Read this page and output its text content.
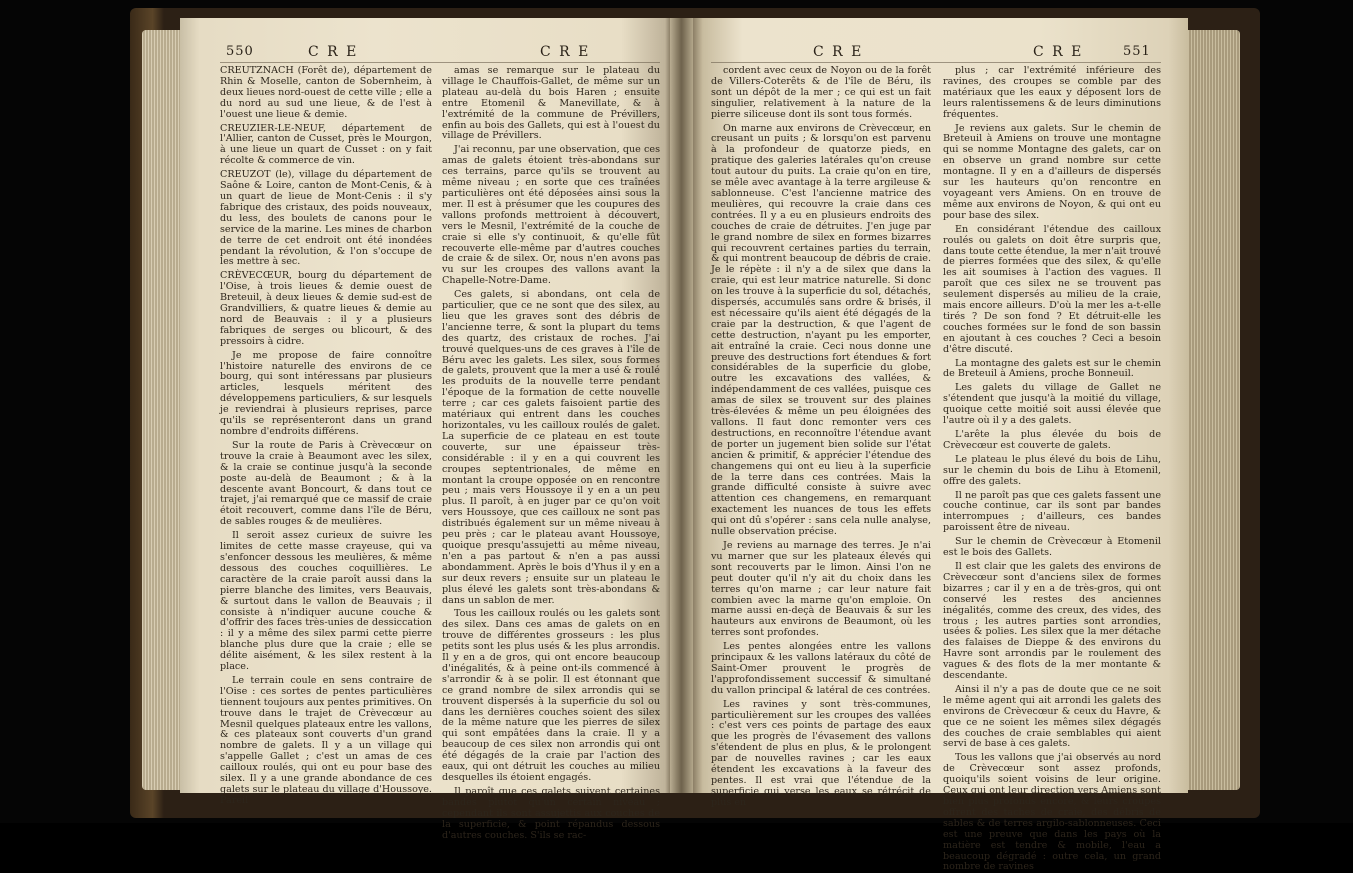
550	C R E	C R E

CREUTZNACH (Forêt de), département de Rhin & Moselle, canton de Sobernheim, à deux lieues nord-ouest de cette ville ; elle a du nord au sud une lieue, & de l'est à l'ouest une lieue & demie.

CREUZIER-LE-NEUF, département de l'Allier, canton de Cusset, près le Mourgon, à une lieue un quart de Cusset : on y fait récolte & commerce de vin.

CREUZOT (le), village du département de Saône & Loire, canton de Mont-Cenis, & à un quart de lieue de Mont-Cenis : il s'y fabrique des cristaux, des poids nouveaux, du less, des boulets de canons pour le service de la marine. Les mines de charbon de terre de cet endroit ont été inondées pendant la révolution, & l'on s'occupe de les mettre à sec.

CRÈVECŒUR, bourg du département de l'Oise, à trois lieues & demie ouest de Breteuil, à deux lieues & demie sud-est de Grandvilliers, & quatre lieues & demie au nord de Beauvais : il y a plusieurs fabriques de serges ou blicourt, & des pressoirs à cidre.

Je me propose de faire connoître l'histoire naturelle des environs de ce bourg, qui sont intéressans par plusieurs articles, lesquels méritent des développemens particuliers, & sur lesquels je reviendrai à plusieurs reprises, parce qu'ils se représenteront dans un grand nombre d'endroits différens.

Sur la route de Paris à Crèvecœur on trouve la craie à Beaumont avec les silex, & la craie se continue jusqu'à la seconde poste au-delà de Beaumont ; & à la descente avant Boncourt, & dans tout ce trajet, j'ai remarqué que ce massif de craie étoit recouvert, comme dans l'île de Béru, de sables rouges & de meulières.

Il seroit assez curieux de suivre les limites de cette masse crayeuse, qui va s'enfoncer dessous les meulières, & même dessous des couches coquillières. Le caractère de la craie paroît aussi dans la pierre blanche des limites, vers Beauvais, & surtout dans le vallon de Beauvais ; il consiste à n'indiquer aucune couche & d'offrir des faces très-unies de dessiccation : il y a même des silex parmi cette pierre blanche plus dure que la craie ; elle se délite aisément, & les silex restent à la place.

Le terrain coule en sens contraire de l'Oise : ces sortes de pentes particulières tiennent toujours aux pentes primitives. On trouve dans le trajet de Crèvecœur au Mesnil quelques plateaux entre les vallons, & ces plateaux sont couverts d'un grand nombre de galets. Il y a un village qui s'appelle Gallet ; c'est un amas de ces cailloux roulés, qui ont eu pour base des silex. Il y a une grande abondance de ces galets sur le plateau du village d'Houssoye. Pareil

amas se remarque sur le plateau du village le Chauffois-Gallet, de même sur un plateau au-delà du bois Haren ; ensuite entre Etomenil & Manevillate, & à l'extrémité de la commune de Prévillers, enfin au bois des Gallets, qui est à l'ouest du village de Prévillers.

J'ai reconnu, par une observation, que ces amas de galets étoient très-abondans sur ces terrains, parce qu'ils se trouvent au même niveau ; en sorte que ces traînées particulières ont été déposées ainsi sous la mer. Il est à présumer que les coupures des vallons profonds mettroient à découvert, vers le Mesnil, l'extrémité de la couche de craie si elle s'y continuoit, & qu'elle fût recouverte elle-même par d'autres couches de craie & de silex. Or, nous n'en avons pas vu sur les croupes des vallons avant la Chapelle-Notre-Dame.

Ces galets, si abondans, ont cela de particulier, que ce ne sont que des silex, au lieu que les graves sont des débris de l'ancienne terre, & sont la plupart du tems des quartz, des cristaux de roches. J'ai trouvé quelques-uns de ces graves à l'île de Béru avec les galets. Les silex, sous formes de galets, prouvent que la mer a usé & roulé les produits de la nouvelle terre pendant l'époque de la formation de cette nouvelle terre ; car ces galets faisoient partie des matériaux qui entrent dans les couches horizontales, vu les cailloux roulés de galet. La superficie de ce plateau en est toute couverte, sur une épaisseur très-considérable : il y en a qui couvrent les croupes septentrionales, de même en montant la croupe opposée on en rencontre peu ; mais vers Houssoye il y en a un peu plus. Il paroît, à en juger par ce qu'on voit vers Houssoye, que ces cailloux ne sont pas distribués également sur un même niveau à peu près ; car le plateau avant Houssoye, quoique presqu'assujetti au même niveau, n'en a pas partout & n'en a pas aussi abondamment. Après le bois d'Yhus il y en a sur deux revers ; ensuite sur un plateau le plus élevé les galets sont très-abondans & dans un sablon de mer.

Tous les cailloux roulés ou les galets sont des silex. Dans ces amas de galets on en trouve de différentes grosseurs : les plus petits sont les plus usés & les plus arrondis. Il y en a de gros, qui ont encore beaucoup d'inégalités, & à peine ont-ils commencé à s'arrondir & à se polir. Il est étonnant que ce grand nombre de silex arrondis qui se trouvent dispersés à la superficie du sol ou dans les dernières couches soient des silex de la même nature que les pierres de silex qui sont empâtées dans la craie. Il y a beaucoup de ces silex non arrondis qui ont été dégagés de la craie par l'action des eaux, qui ont détruit les couches au milieu desquelles ils étoient engagés.

Il paroît que ces galets suivent certaines bandes plutôt qu'un certain niveau ; cependant ils sont assujettis aux couches de la superficie, & point répandus dessous d'autres couches. S'ils se rac-

C R E	C R E	551

cordent avec ceux de Noyon ou de la forêt de Villers-Coterêts & de l'île de Béru, ils sont un dépôt de la mer ; ce qui est un fait singulier, relativement à la nature de la pierre siliceuse dont ils sont tous formés.

On marne aux environs de Crèvecœur, en creusant un puits ; & lorsqu'on est parvenu à la profondeur de quatorze pieds, en pratique des galeries latérales qu'on creuse tout autour du puits. La craie qu'on en tire, se mêle avec avantage à la terre argileuse & sablonneuse. C'est l'ancienne matrice des meulières, qui recouvre la craie dans ces contrées. Il y a eu en plusieurs endroits des couches de craie de détruites. J'en juge par le grand nombre de silex en formes bizarres qui recouvrent certaines parties du terrain, & qui montrent beaucoup de débris de craie. Je le répète : il n'y a de silex que dans la craie, qui est leur matrice naturelle. Si donc on les trouve à la superficie du sol, détachés, dispersés, accumulés sans ordre & brisés, il est nécessaire qu'ils aient été dégagés de la craie par la destruction, & que l'agent de cette destruction, n'ayant pu les emporter, ait entraîné la craie. Ceci nous donne une preuve des destructions fort étendues & fort considérables de la superficie du globe, outre les excavations des vallées, & indépendamment de ces vallées, puisque ces amas de silex se trouvent sur des plaines très-élevées & même un peu éloignées des vallons. Il faut donc remonter vers ces destructions, en reconnoître l'étendue avant de porter un jugement bien solide sur l'état ancien & primitif, & apprécier l'étendue des changemens qui ont eu lieu à la superficie de la terre dans ces contrées. Mais la grande difficulté consiste à suivre avec attention ces changemens, en remarquant exactement les nuances de tous les effets qui ont dû s'opérer : sans cela nulle analyse, nulle observation précise.

Je reviens au marnage des terres. Je n'ai vu marner que sur les plateaux élevés qui sont recouverts par le limon. Ainsi l'on ne peut douter qu'il n'y ait du choix dans les terres qu'on marne ; car leur nature fait combien avec la marne qu'on emploie. On marne aussi en-deçà de Beauvais & sur les hauteurs aux environs de Beaumont, où les terres sont profondes.

Les pentes alongées entre les vallons principaux & les vallons latéraux du côté de Saint-Omer prouvent le progrès de l'approfondissement successif & simultané du vallon principal & latéral de ces contrées.

Les ravines y sont très-communes, particulièrement sur les croupes des vallées : c'est vers ces points de partage des eaux que les progrès de l'évasement des vallons s'étendent de plus en plus, & le prolongent par de nouvelles ravines ; car les eaux étendent les excavations à la faveur des pentes. Il est vrai que l'étendue de la superficie qui verse les eaux se rétrécit de plus en

plus ; car l'extrémité inférieure des ravines, des croupes se comble par des matériaux que les eaux y déposent lors de leurs ralentissemens & de leurs diminutions fréquentes.

Je reviens aux galets. Sur le chemin de Breteuil à Amiens on trouve une montagne qui se nomme Montagne des galets, car on en observe un grand nombre sur cette montagne. Il y en a d'ailleurs de dispersés sur les hauteurs qu'on rencontre en voyageant vers Amiens. On en trouve de même aux environs de Noyon, & qui ont eu pour base des silex.

En considérant l'étendue des cailloux roulés ou galets on doit être surpris que, dans toute cette étendue, la mer n'ait trouvé de pierres formées que des silex, & qu'elle les ait soumises à l'action des vagues. Il paroît que ces silex ne se trouvent pas seulement dispersés au milieu de la craie, mais encore ailleurs. D'où la mer les a-t-elle tirés ? De son fond ? Et détruit-elle les couches formées sur le fond de son bassin en ajoutant à ces couches ? Ceci a besoin d'être discuté.

La montagne des galets est sur le chemin de Breteuil à Amiens, proche Bonneuil.

Les galets du village de Gallet ne s'étendent que jusqu'à la moitié du village, quoique cette moitié soit aussi élevée que l'autre où il y a des galets.

L'arête la plus élevée du bois de Crèvecœur est couverte de galets.

Le plateau le plus élevé du bois de Lihu, sur le chemin du bois de Lihu à Etomenil, offre des galets.

Il ne paroît pas que ces galets fassent une couche continue, car ils sont par bandes interrompues ; d'ailleurs, ces bandes paroissent être de niveau.

Sur le chemin de Crèvecœur à Etomenil est le bois des Gallets.

Il est clair que les galets des environs de Crèvecœur sont d'anciens silex de formes bizarres ; car il y en a de très-gros, qui ont conservé les restes des anciennes inégalités, comme des creux, des vides, des trous ; les autres parties sont arrondies, usées & polies. Les silex que la mer détache des falaises de Dieppe & des environs du Havre sont arrondis par le roulement des vagues & des flots de la mer montante & descendante.

Ainsi il n'y a pas de doute que ce ne soit le même agent qui ait arrondi les galets des environs de Crèvecœur & ceux du Havre, & que ce ne soient les mêmes silex dégagés des couches de craie semblables qui aient servi de base à ces galets.

Tous les vallons que j'ai observés au nord de Crèvecœur sont assez profonds, quoiqu'ils soient voisins de leur origine. Ceux qui ont leur direction vers Amiens sont bien plus profonds encore, & leurs croupes offrent des taches de craie, des débris de sables & de terres argilo-sablonneuses. Ceci est une preuve que dans les pays où la matière est tendre & mobile, l'eau a beaucoup dégradé : outre cela, un grand nombre de ravines
